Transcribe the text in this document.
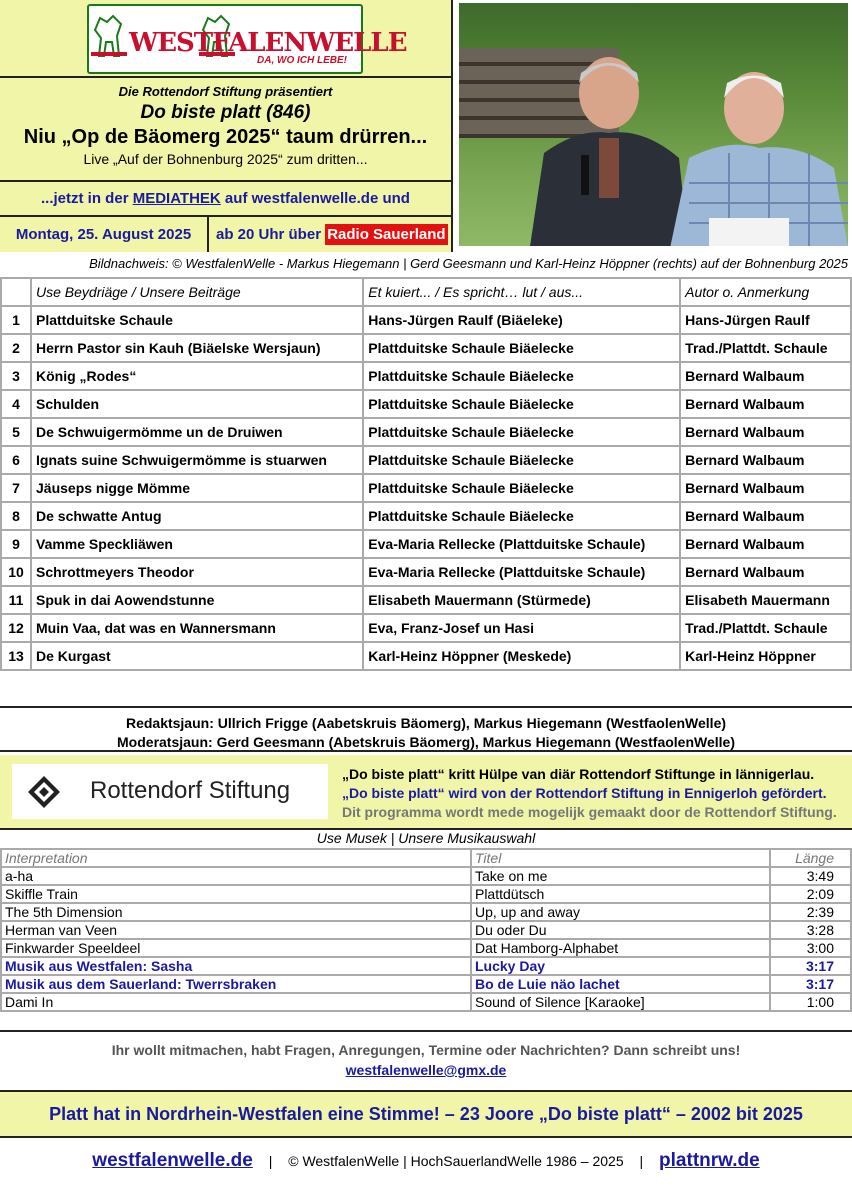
WESTFALENWELLE
DA, WO ICH LEBE!
Die Rottendorf Stiftung präsentiert
Do biste platt (846)
Niu „Op de Bäomerg 2025“ taum drürren...
Live „Auf der Bohnenburg 2025“ zum dritten...
...jetzt in der MEDIATHEK auf westfalenwelle.de und
Montag, 25. August 2025	ab 20 Uhr über Radio Sauerland
Bildnachweis: © WestfalenWelle - Markus Hiegemann | Gerd Geesmann und Karl-Heinz Höppner (rechts) auf der Bohnenburg 2025
	Use Beydriäge / Unsere Beiträge	Et kuiert... / Es spricht… lut / aus...	Autor o. Anmerkung
1	Plattduitske Schaule	Hans-Jürgen Raulf (Biäeleke)	Hans-Jürgen Raulf
2	Herrn Pastor sin Kauh (Biäelske Wersjaun)	Plattduitske Schaule Biäelecke	Trad./Plattdt. Schaule
3	König „Rodes“	Plattduitske Schaule Biäelecke	Bernard Walbaum
4	Schulden	Plattduitske Schaule Biäelecke	Bernard Walbaum
5	De Schwuigermömme un de Druiwen	Plattduitske Schaule Biäelecke	Bernard Walbaum
6	Ignats suine Schwuigermömme is stuarwen	Plattduitske Schaule Biäelecke	Bernard Walbaum
7	Jäuseps nigge Mömme	Plattduitske Schaule Biäelecke	Bernard Walbaum
8	De schwatte Antug	Plattduitske Schaule Biäelecke	Bernard Walbaum
9	Vamme Speckliäwen	Eva-Maria Rellecke (Plattduitske Schaule)	Bernard Walbaum
10	Schrottmeyers Theodor	Eva-Maria Rellecke (Plattduitske Schaule)	Bernard Walbaum
11	Spuk in dai Aowendstunne	Elisabeth Mauermann (Stürmede)	Elisabeth Mauermann
12	Muin Vaa, dat was en Wannersmann	Eva, Franz-Josef un Hasi	Trad./Plattdt. Schaule
13	De Kurgast	Karl-Heinz Höppner (Meskede)	Karl-Heinz Höppner
Redaktsjaun: Ullrich Frigge (Aabetskruis Bäomerg), Markus Hiegemann (WestfaolenWelle)
Moderatsjaun: Gerd Geesmann (Abetskruis Bäomerg), Markus Hiegemann (WestfaolenWelle)
Rottendorf Stiftung
„Do biste platt“ kritt Hülpe van diär Rottendorf Stiftunge in lännigerlau.
„Do biste platt“ wird von der Rottendorf Stiftung in Ennigerloh gefördert.
Dit programma wordt mede mogelijk gemaakt door de Rottendorf Stiftung.
Use Musek | Unsere Musikauswahl
Interpretation	Titel	Länge
a-ha	Take on me	3:49
Skiffle Train	Plattdütsch	2:09
The 5th Dimension	Up, up and away	2:39
Herman van Veen	Du oder Du	3:28
Finkwarder Speeldeel	Dat Hamborg-Alphabet	3:00
Musik aus Westfalen: Sasha	Lucky Day	3:17
Musik aus dem Sauerland: Twerrsbraken	Bo de Luie näo lachet	3:17
Dami In	Sound of Silence [Karaoke]	1:00
Ihr wollt mitmachen, habt Fragen, Anregungen, Termine oder Nachrichten? Dann schreibt uns!
westfalenwelle@gmx.de
Platt hat in Nordrhein-Westfalen eine Stimme! – 23 Joore „Do biste platt“ – 2002 bit 2025
westfalenwelle.de | © WestfalenWelle | HochSauerlandWelle 1986 – 2025 | plattnrw.de
